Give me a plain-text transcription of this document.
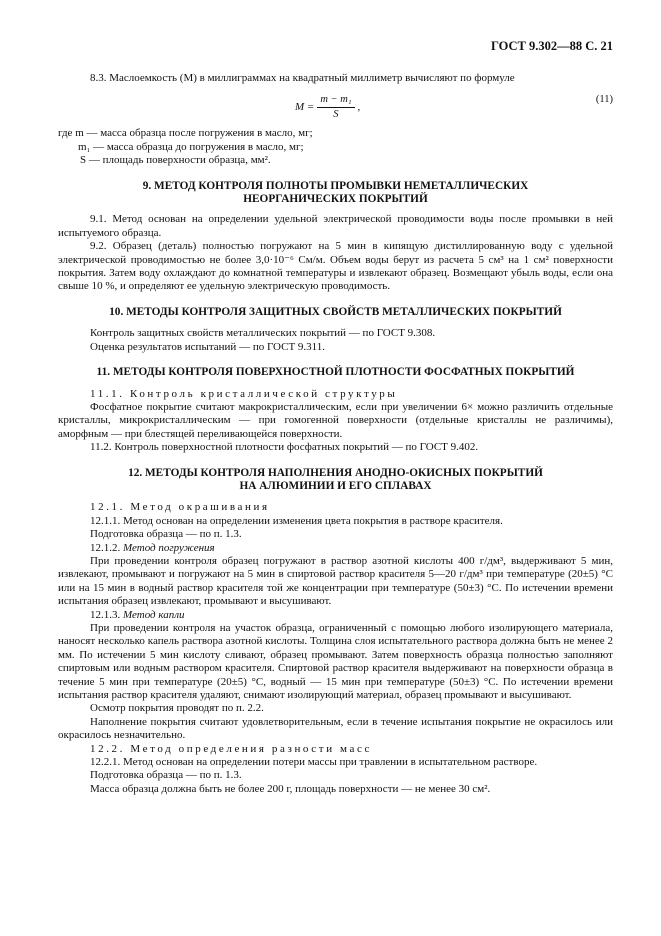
ГОСТ 9.302—88 С. 21

8.3. Маслоемкость (M) в миллиграммах на квадратный миллиметр вычисляют по формуле

$M = \frac{\text{m − m₁}}{S}$ ,
(11)

где m — масса образца после погружения в масло, мг;

m₁ — масса образца до погружения в масло, мг;

S — площадь поверхности образца, мм².

9. МЕТОД КОНТРОЛЯ ПОЛНОТЫ ПРОМЫВКИ НЕМЕТАЛЛИЧЕСКИХ
НЕОРГАНИЧЕСКИХ ПОКРЫТИЙ

9.1. Метод основан на определении удельной электрической проводимости воды после промывки в ней испытуемого образца.

9.2. Образец (деталь) полностью погружают на 5 мин в кипящую дистиллированную воду с удельной электрической проводимостью не более 3,0·10⁻⁶ См/м. Объем воды берут из расчета 5 см³ на 1 см² поверхности покрытия. Затем воду охлаждают до комнатной температуры и извлекают образец. Возмещают убыль воды, если она свыше 10 %, и определяют ее удельную электрическую проводимость.

10. МЕТОДЫ КОНТРОЛЯ ЗАЩИТНЫХ СВОЙСТВ МЕТАЛЛИЧЕСКИХ ПОКРЫТИЙ

Контроль защитных свойств металлических покрытий — по ГОСТ 9.308.

Оценка результатов испытаний — по ГОСТ 9.311.

11. МЕТОДЫ КОНТРОЛЯ ПОВЕРХНОСТНОЙ ПЛОТНОСТИ ФОСФАТНЫХ ПОКРЫТИЙ

11.1. Контроль кристаллической структуры

Фосфатное покрытие считают макрокристаллическим, если при увеличении 6× можно различить отдельные кристаллы, микрокристаллическим — при гомогенной поверхности (отдельные кристаллы не различимы), аморфным — при блестящей переливающейся поверхности.

11.2. Контроль поверхностной плотности фосфатных покрытий — по ГОСТ 9.402.

12. МЕТОДЫ КОНТРОЛЯ НАПОЛНЕНИЯ АНОДНО-ОКИСНЫХ ПОКРЫТИЙ
НА АЛЮМИНИИ И ЕГО СПЛАВАХ

12.1. Метод окрашивания

12.1.1. Метод основан на определении изменения цвета покрытия в растворе красителя.

Подготовка образца — по п. 1.3.

12.1.2. Метод погружения

При проведении контроля образец погружают в раствор азотной кислоты 400 г/дм³, выдерживают 5 мин, извлекают, промывают и погружают на 5 мин в спиртовой раствор красителя 5—20 г/дм³ при температуре (20±5) °С или на 15 мин в водный раствор красителя той же концентрации при температуре (50±3) °С. По истечении времени испытания образец извлекают, промывают и высушивают.

12.1.3. Метод капли

При проведении контроля на участок образца, ограниченный с помощью любого изолирующего материала, наносят несколько капель раствора азотной кислоты. Толщина слоя испытательного раствора должна быть не менее 2 мм. По истечении 5 мин кислоту сливают, образец промывают. Затем поверхность образца полностью заполняют спиртовым или водным раствором красителя. Спиртовой раствор красителя выдерживают на поверхности образца в течение 5 мин при температуре (20±5) °С, водный — 15 мин при температуре (50±3) °С. По истечении времени испытания раствор красителя удаляют, снимают изолирующий материал, образец промывают и высушивают.

Осмотр покрытия проводят по п. 2.2.

Наполнение покрытия считают удовлетворительным, если в течение испытания покрытие не окрасилось или окрасилось незначительно.

12.2. Метод определения разности масс

12.2.1. Метод основан на определении потери массы при травлении в испытательном растворе.

Подготовка образца — по п. 1.3.

Масса образца должна быть не более 200 г, площадь поверхности — не менее 30 см².
